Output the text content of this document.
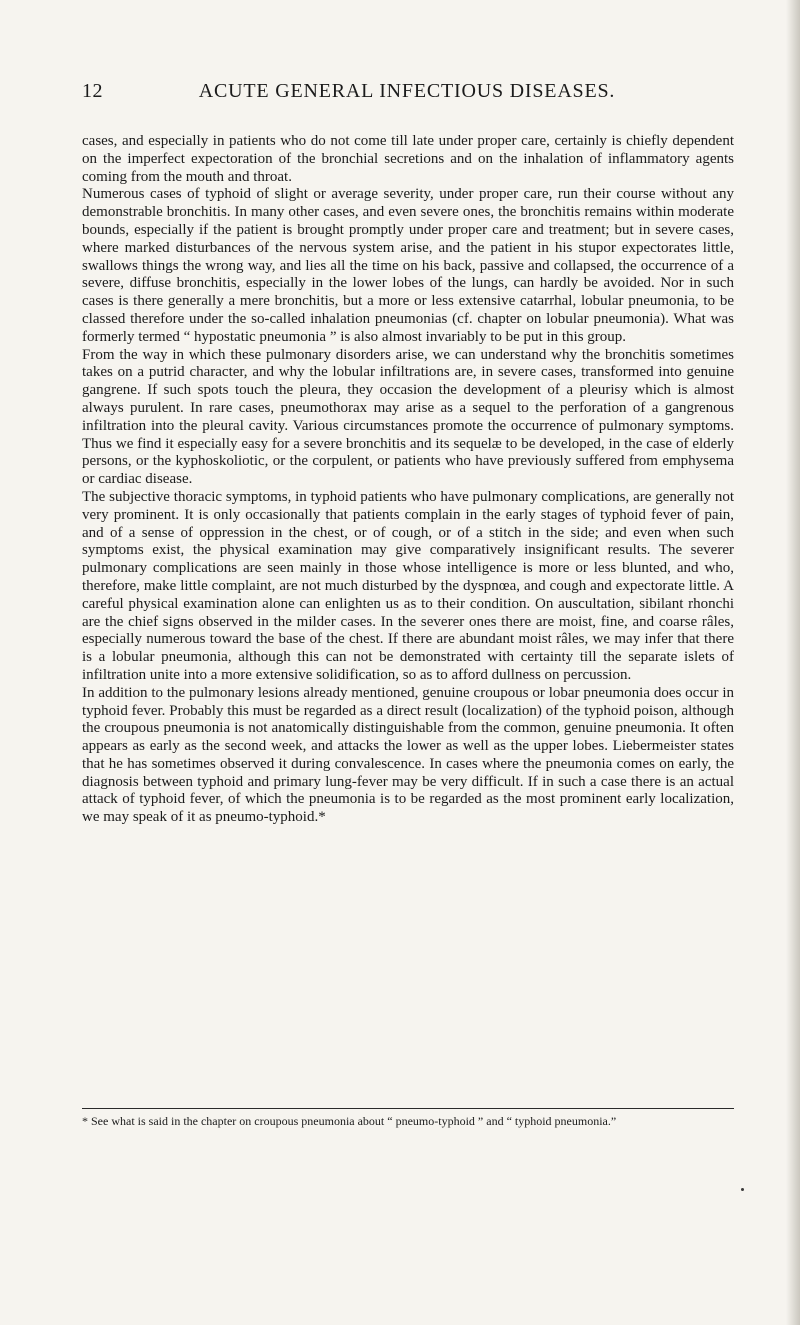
12	ACUTE GENERAL INFECTIOUS DISEASES.

cases, and especially in patients who do not come till late under proper care, certainly is chiefly dependent on the imperfect expectoration of the bronchial secretions and on the inhalation of inflammatory agents coming from the mouth and throat.

Numerous cases of typhoid of slight or average severity, under proper care, run their course without any demonstrable bronchitis. In many other cases, and even severe ones, the bronchitis remains within moderate bounds, especially if the patient is brought promptly under proper care and treatment; but in severe cases, where marked disturbances of the nervous system arise, and the patient in his stupor expectorates little, swallows things the wrong way, and lies all the time on his back, passive and collapsed, the occurrence of a severe, diffuse bronchitis, especially in the lower lobes of the lungs, can hardly be avoided. Nor in such cases is there generally a mere bronchitis, but a more or less extensive catarrhal, lobular pneumonia, to be classed therefore under the so-called inhalation pneumonias (cf. chapter on lobular pneumonia). What was formerly termed “ hypostatic pneumonia ” is also almost invariably to be put in this group.

From the way in which these pulmonary disorders arise, we can understand why the bronchitis sometimes takes on a putrid character, and why the lobular infiltrations are, in severe cases, transformed into genuine gangrene. If such spots touch the pleura, they occasion the development of a pleurisy which is almost always purulent. In rare cases, pneumothorax may arise as a sequel to the perforation of a gangrenous infiltration into the pleural cavity. Various circumstances promote the occurrence of pulmonary symptoms. Thus we find it especially easy for a severe bronchitis and its sequelæ to be developed, in the case of elderly persons, or the kyphoskoliotic, or the corpulent, or patients who have previously suffered from emphysema or cardiac disease.

The subjective thoracic symptoms, in typhoid patients who have pulmonary complications, are generally not very prominent. It is only occasionally that patients complain in the early stages of typhoid fever of pain, and of a sense of oppression in the chest, or of cough, or of a stitch in the side; and even when such symptoms exist, the physical examination may give comparatively insignificant results. The severer pulmonary complications are seen mainly in those whose intelligence is more or less blunted, and who, therefore, make little complaint, are not much disturbed by the dyspnœa, and cough and expectorate little. A careful physical examination alone can enlighten us as to their condition. On auscultation, sibilant rhonchi are the chief signs observed in the milder cases. In the severer ones there are moist, fine, and coarse râles, especially numerous toward the base of the chest. If there are abundant moist râles, we may infer that there is a lobular pneumonia, although this can not be demonstrated with certainty till the separate islets of infiltration unite into a more extensive solidification, so as to afford dullness on percussion.

In addition to the pulmonary lesions already mentioned, genuine croupous or lobar pneumonia does occur in typhoid fever. Probably this must be regarded as a direct result (localization) of the typhoid poison, although the croupous pneumonia is not anatomically distinguishable from the common, genuine pneumonia. It often appears as early as the second week, and attacks the lower as well as the upper lobes. Liebermeister states that he has sometimes observed it during convalescence. In cases where the pneumonia comes on early, the diagnosis between typhoid and primary lung-fever may be very difficult. If in such a case there is an actual attack of typhoid fever, of which the pneumonia is to be regarded as the most prominent early localization, we may speak of it as pneumo-typhoid.*

* See what is said in the chapter on croupous pneumonia about “ pneumo-typhoid ” and “ typhoid pneumonia.”
